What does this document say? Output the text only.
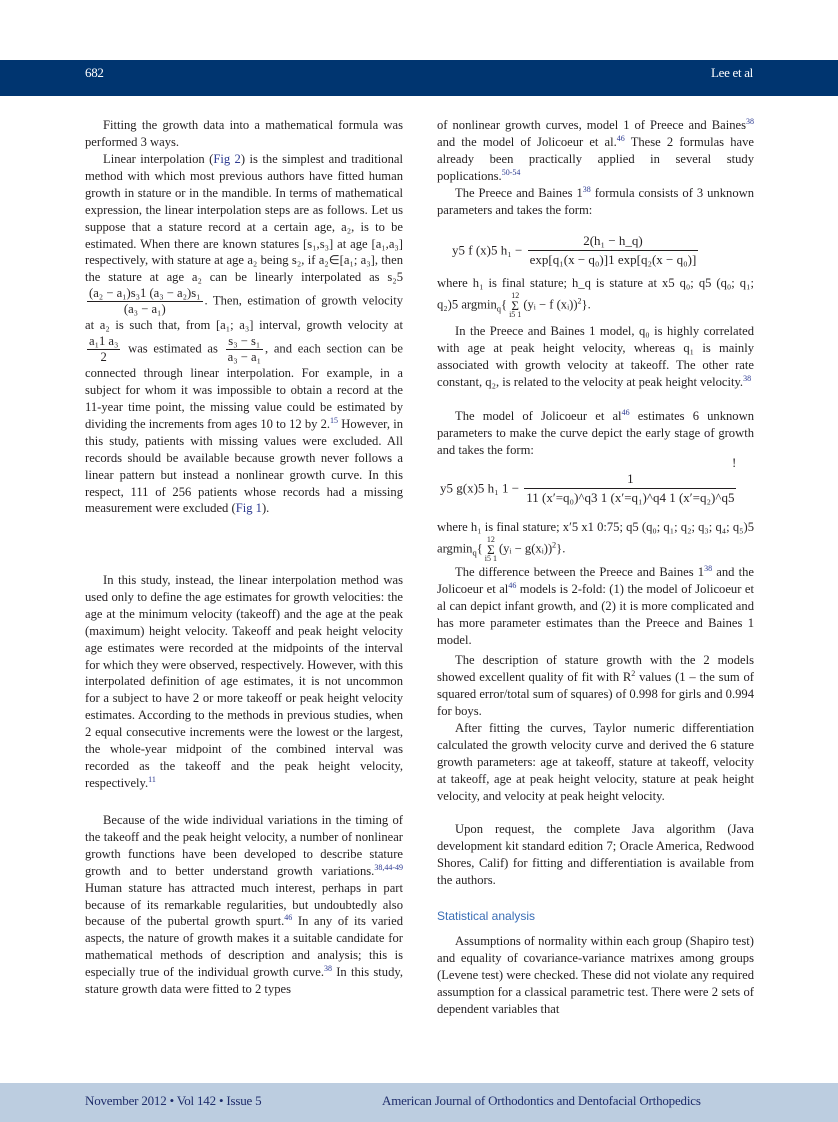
682	Lee et al

Fitting the growth data into a mathematical formula was performed 3 ways.

Linear interpolation (Fig 2) is the simplest and traditional method with which most previous authors have fitted human growth in stature or in the mandible. In terms of mathematical expression, the linear interpolation steps are as follows. Let us suppose that a stature record at a certain age, a₂, is to be estimated. When there are known statures [s₁,s₃] at age [a₁,a₃] respectively, with stature at age a₂ being s₂, if a₂∈[a₁; a₃], then the stature at age a₂ can be linearly interpolated as s₂5
$\frac{\text{(a₂ − a₁)s₃1 (a₃ − a₂)s₁}}{\text{(a₃ − a₁)}}$ . Then, estimation of growth velocity at a₂ is such that, from [a₁; a₃] interval, growth velocity at
$\frac{\text{a₁1 a₃}}{2}$ was estimated as $\frac{\text{s₃ − s₁}}{\text{a₃ − a₁}}$ , and each section can be connected through linear interpolation. For example, in a subject for whom it was impossible to obtain a record at the 11-year time point, the missing value could be estimated by dividing the increments from ages 10 to 12 by 2.15 However, in this study, patients with missing values were excluded. All records should be available because growth never follows a linear pattern but instead a nonlinear growth curve. In this respect, 111 of 256 patients whose records had a missing measurement were excluded (Fig 1).

In this study, instead, the linear interpolation method was used only to define the age estimates for growth velocities: the age at the minimum velocity (takeoff) and the age at the peak (maximum) height velocity. Takeoff and peak height velocity age estimates were recorded at the midpoints of the interval for which they were observed, respectively. However, with this interpolated definition of age estimates, it is not uncommon for a subject to have 2 or more takeoff or peak height velocity estimates. According to the methods in previous studies, when 2 equal consecutive increments were the lowest or the largest, the whole-year midpoint of the combined interval was recorded as the takeoff and the peak height velocity, respectively.$^{11}$

Because of the wide individual variations in the timing of the takeoff and the peak height velocity, a number of nonlinear growth functions have been developed to describe stature growth and to better understand growth variations.$^{38,44-49}$ Human stature has attracted much interest, perhaps in part because of its remarkable regularities, but undoubtedly also because of the pubertal growth spurt.$^{46}$ In any of its varied aspects, the nature of growth makes it a suitable candidate for mathematical methods of description and analysis; this is especially true of the individual growth curve.$^{38}$ In this study, stature growth data were fitted to 2 types

of nonlinear growth curves, model 1 of Preece and Baines$^{38}$ and the model of Jolicoeur et al.$^{46}$ These 2 formulas have already been practically applied in several study poplications.$^{50-54}$

The Preece and Baines $1^{38}$ formula consists of 3 unknown parameters and takes the form:

y5 f (x)5 $h_1 - \frac{\text{2(h₁ − h\_q)}}{\text{exp[q₁(x − q₀)]1 exp[q₂(x − q₀)]}}$

where h₁ is final stature; h_q is stature at x5 q₀; q5 (q₀; q₁; q₂)5 argmin$_q${12
Σ
i5 1(yᵢ − f (xᵢ))$^2$}.

In the Preece and Baines 1 model, q₀ is highly correlated with age at peak height velocity, whereas q₁ is mainly associated with growth velocity at takeoff. The other rate constant, q₂, is related to the velocity at peak height velocity.$^{38}$

The model of Jolicoeur et $al^{46}$ estimates 6 unknown parameters to make the curve depict the early stage of growth and takes the form:

y5 g(x)5 h₁ $1 - \frac{1}{\text{11 (x′=q₀)\textasciicircum{}q3 1 (x′=q₁)\textasciicircum{}q4 1 (x′=q₂)\textasciicircum{}q5}}$
!

where h₁ is final stature; x′5 x1 0:75; q5 (q₀; q₁; q₂; q₃; q₄; q₅)5 argmin$_q${12
Σ
i5 1(yᵢ − g(xᵢ))$^2$}.

The difference between the Preece and Baines $1^{38}$ and the Jolicoeur et $al^{46}$ models is 2-fold: (1) the model of Jolicoeur et al can depict infant growth, and (2) it is more complicated and has more parameter estimates than the Preece and Baines 1 model.

The description of stature growth with the 2 models showed excellent quality of fit with $R^2$ values (1 – the sum of squared error/total sum of squares) of 0.998 for girls and 0.994 for boys.

After fitting the curves, Taylor numeric differentiation calculated the growth velocity curve and derived the 6 stature growth parameters: age at takeoff, stature at takeoff, velocity at takeoff, age at peak height velocity, stature at peak height velocity, and velocity at peak height velocity.

Upon request, the complete Java algorithm (Java development kit standard edition 7; Oracle America, Redwood Shores, Calif) for fitting and differentiation is available from the authors.

Statistical analysis

Assumptions of normality within each group (Shapiro test) and equality of covariance-variance matrixes among groups (Levene test) were checked. These did not violate any required assumption for a classical parametric test. There were 2 sets of dependent variables that

November 2012 • Vol 142 • Issue 5	American Journal of Orthodontics and Dentofacial Orthopedics
